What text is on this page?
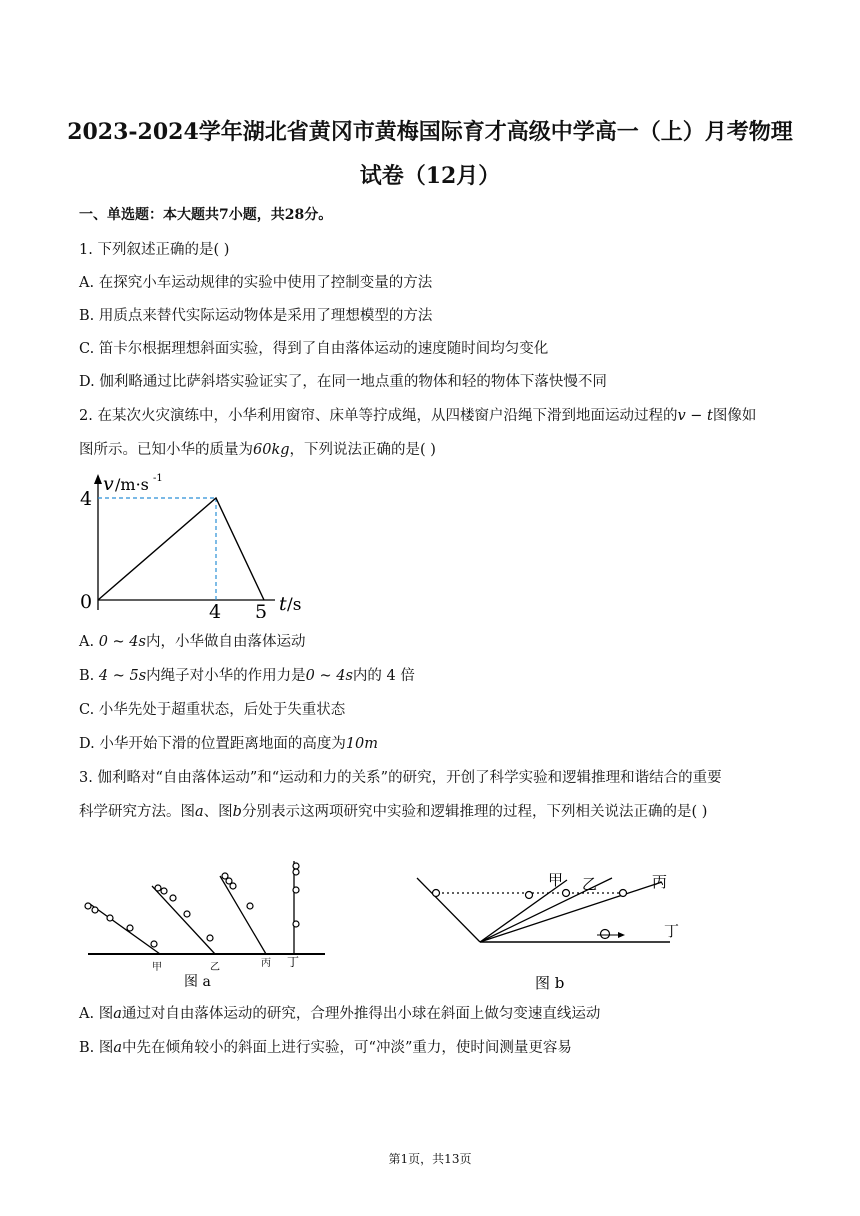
2023-2024学年湖北省黄冈市黄梅国际育才高级中学高一（上）月考物理试卷（12月）
一、单选题：本大题共7小题，共28分。
1. 下列叙述正确的是( )
A. 在探究小车运动规律的实验中使用了控制变量的方法
B. 用质点来替代实际运动物体是采用了理想模型的方法
C. 笛卡尔根据理想斜面实验，得到了自由落体运动的速度随时间均匀变化
D. 伽利略通过比萨斜塔实验证实了，在同一地点重的物体和轻的物体下落快慢不同
2. 在某次火灾演练中，小华利用窗帘、床单等拧成绳，从四楼窗户沿绳下滑到地面运动过程的v − t图像如
图所示。已知小华的质量为60kg，下列说法正确的是( )
v /m·s -1
4
0	4 5 t /s
A. 0 ~ 4s内，小华做自由落体运动
B. 4 ~ 5s内绳子对小华的作用力是0 ~ 4s内的 4 倍
C. 小华先处于超重状态，后处于失重状态
D. 小华开始下滑的位置距离地面的高度为10m
3. 伽利略对“自由落体运动”和“运动和力的关系”的研究，开创了科学实验和逻辑推理和谐结合的重要
科学研究方法。图a、图b分别表示这两项研究中实验和逻辑推理的过程，下列相关说法正确的是( )
甲	乙	丙 丁
图 a
甲 乙	丙
丁
图 b
A. 图a通过对自由落体运动的研究，合理外推得出小球在斜面上做匀变速直线运动
B. 图a中先在倾角较小的斜面上进行实验，可“冲淡”重力，使时间测量更容易
第1页，共13页
